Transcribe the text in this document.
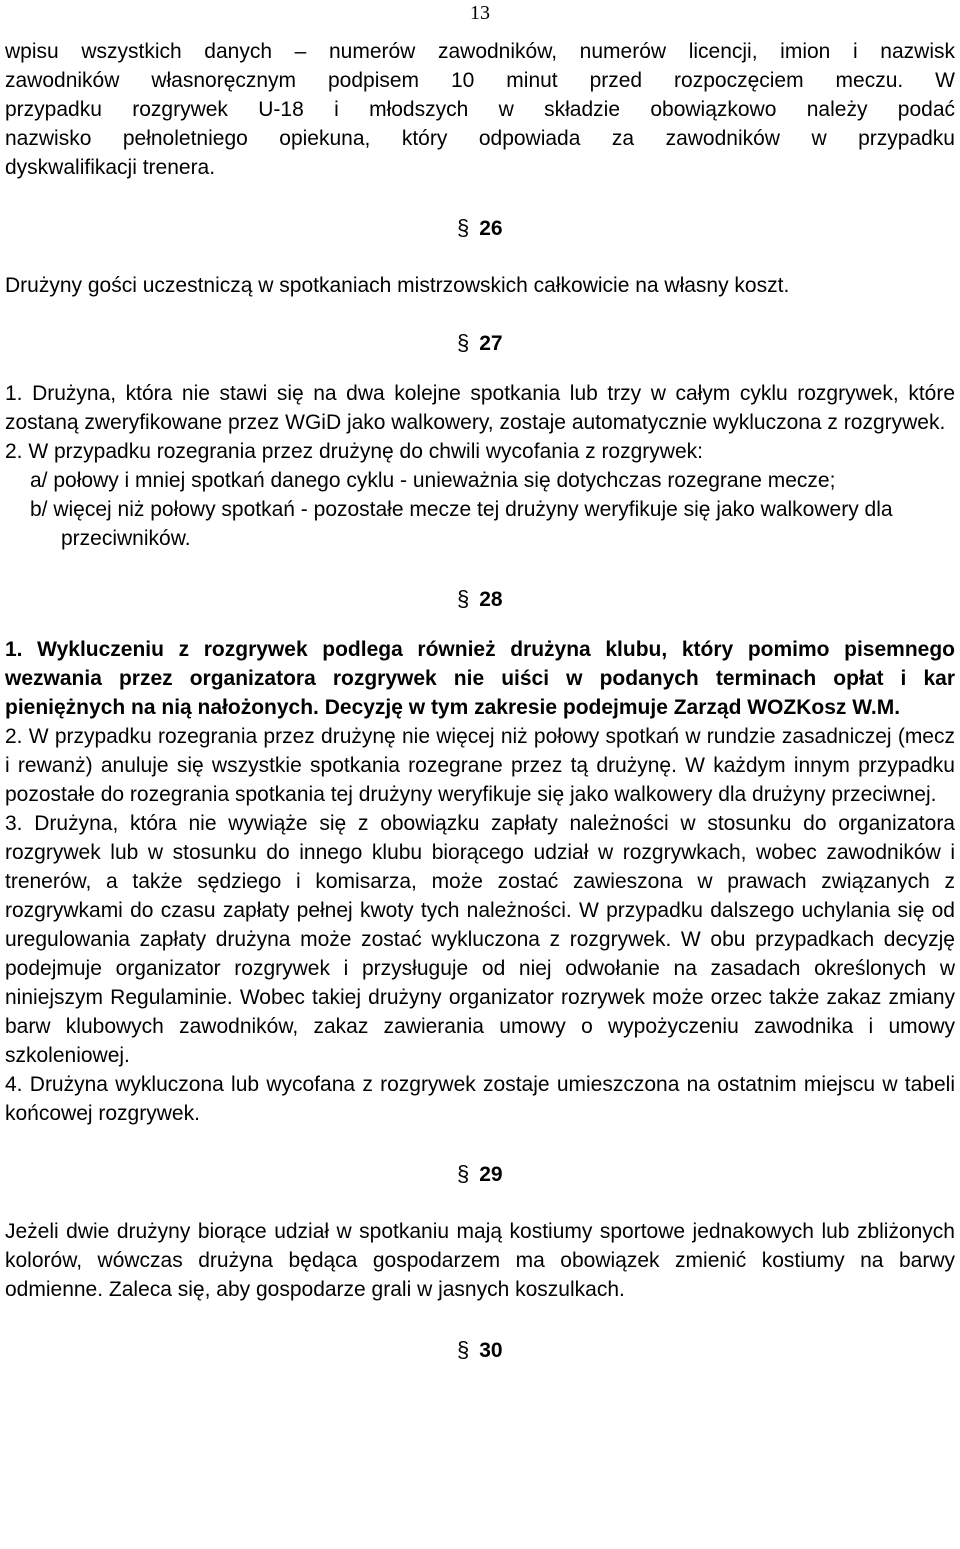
13

wpisu wszystkich danych – numerów zawodników, numerów licencji, imion i nazwisk

zawodników własnoręcznym podpisem 10 minut przed rozpoczęciem meczu. W

przypadku rozgrywek U-18 i młodszych w składzie obowiązkowo należy podać

nazwisko pełnoletniego opiekuna, który odpowiada za zawodników w przypadku

dyskwalifikacji trenera.

§ 26

Drużyny gości uczestniczą w spotkaniach mistrzowskich całkowicie na własny koszt.

§ 27

1. Drużyna, która nie stawi się na dwa kolejne spotkania lub trzy w całym cyklu rozgrywek, które zostaną zweryfikowane przez WGiD jako walkowery, zostaje automatycznie wykluczona z rozgrywek.

2. W przypadku rozegrania przez drużynę do chwili wycofania z rozgrywek:

a/ połowy i mniej spotkań danego cyklu - unieważnia się dotychczas rozegrane mecze;

b/ więcej niż połowy spotkań - pozostałe mecze tej drużyny weryfikuje się jako walkowery dla przeciwników.

§ 28

1. Wykluczeniu z rozgrywek podlega również drużyna klubu, który pomimo pisemnego wezwania przez organizatora rozgrywek nie uiści w podanych terminach opłat i kar pieniężnych na nią nałożonych. Decyzję w tym zakresie podejmuje Zarząd WOZKosz W.M.

2. W przypadku rozegrania przez drużynę nie więcej niż połowy spotkań w rundzie zasadniczej (mecz i rewanż) anuluje się wszystkie spotkania rozegrane przez tą drużynę. W każdym innym przypadku pozostałe do rozegrania spotkania tej drużyny weryfikuje się jako walkowery dla drużyny przeciwnej.

3. Drużyna, która nie wywiąże się z obowiązku zapłaty należności w stosunku do organizatora rozgrywek lub w stosunku do innego klubu biorącego udział w rozgrywkach, wobec zawodników i trenerów, a także sędziego i komisarza, może zostać zawieszona w prawach związanych z rozgrywkami do czasu zapłaty pełnej kwoty tych należności. W przypadku dalszego uchylania się od uregulowania zapłaty drużyna może zostać wykluczona z rozgrywek. W obu przypadkach decyzję podejmuje organizator rozgrywek i przysługuje od niej odwołanie na zasadach określonych w niniejszym Regulaminie. Wobec takiej drużyny organizator rozrywek może orzec także zakaz zmiany barw klubowych zawodników, zakaz zawierania umowy o wypożyczeniu zawodnika i umowy szkoleniowej.

4. Drużyna wykluczona lub wycofana z rozgrywek zostaje umieszczona na ostatnim miejscu w tabeli końcowej rozgrywek.

§ 29

Jeżeli dwie drużyny biorące udział w spotkaniu mają kostiumy sportowe jednakowych lub zbliżonych kolorów, wówczas drużyna będąca gospodarzem ma obowiązek zmienić kostiumy na barwy odmienne. Zaleca się, aby gospodarze grali w jasnych koszulkach.

§ 30
